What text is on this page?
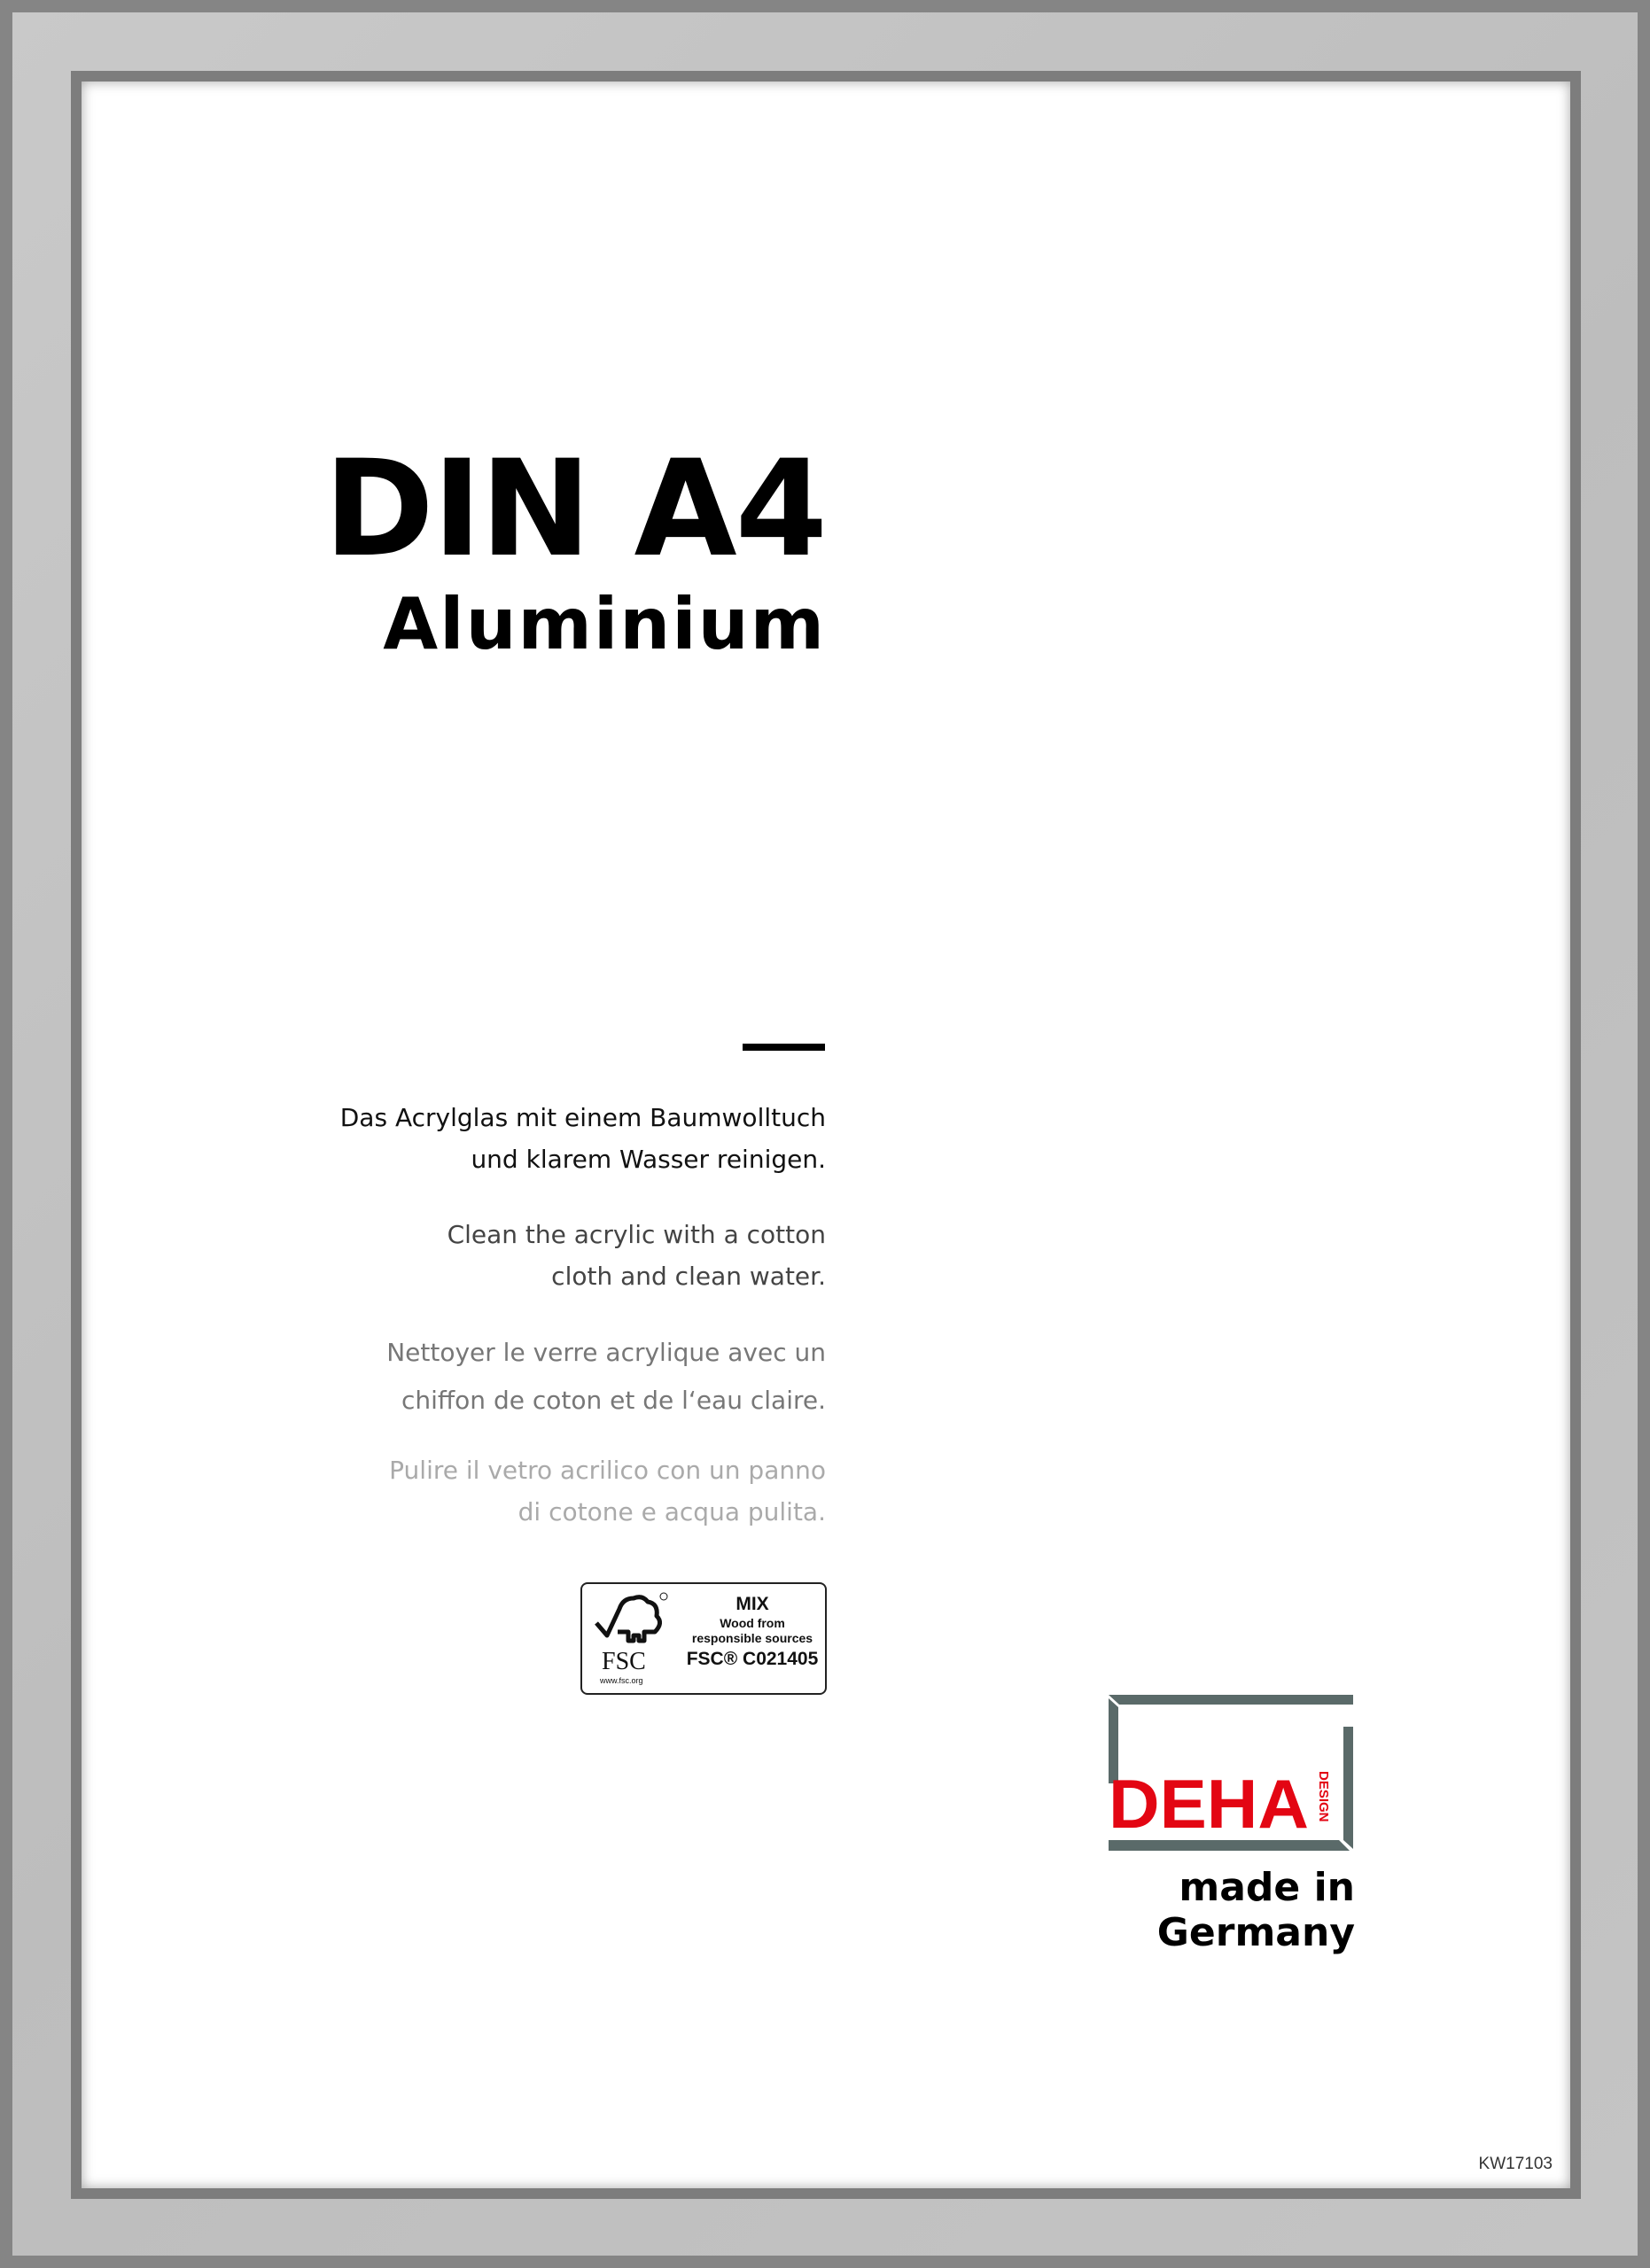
DIN A4
Aluminium
Das Acrylglas mit einem Baumwolltuch
und klarem Wasser reinigen.
Clean the acrylic with a cotton
cloth and clean water.
Nettoyer le verre acrylique avec un
chiffon de coton et de l‘eau claire.
Pulire il vetro acrilico con un panno
di cotone e acqua pulita.
FSC
www.fsc.org
MIX
Wood from
responsible sources
FSC® C021405
DEHA DESIGN
made in Germany
KW17103
